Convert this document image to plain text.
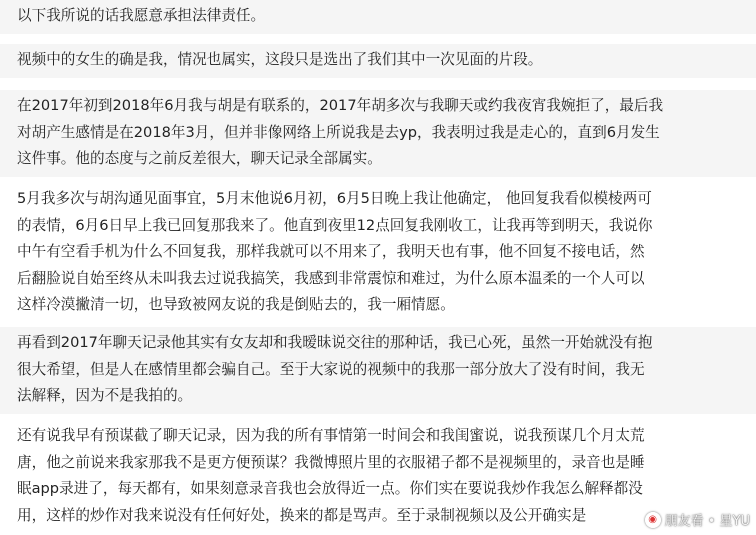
以下我所说的话我愿意承担法律责任。
视频中的女生的确是我，情况也属实，这段只是选出了我们其中一次见面的片段。
在2017年初到2018年6月我与胡是有联系的，2017年胡多次与我聊天或约我夜宵我婉拒了，最后我
对胡产生感情是在2018年3月，但并非像网络上所说我是去yp，我表明过我是走心的，直到6月发生
这件事。他的态度与之前反差很大，聊天记录全部属实。
5月我多次与胡沟通见面事宜，5月末他说6月初，6月5日晚上我让他确定， 他回复我看似模棱两可
的表情，6月6日早上我已回复那我来了。他直到夜里12点回复我刚收工，让我再等到明天，我说你
中午有空看手机为什么不回复我，那样我就可以不用来了，我明天也有事，他不回复不接电话，然
后翻脸说自始至终从未叫我去过说我搞笑，我感到非常震惊和难过，为什么原本温柔的一个人可以
这样冷漠撇清一切，也导致被网友说的我是倒贴去的，我一厢情愿。
再看到2017年聊天记录他其实有女友却和我暧昧说交往的那种话，我已心死，虽然一开始就没有抱
很大希望，但是人在感情里都会骗自己。至于大家说的视频中的我那一部分放大了没有时间，我无
法解释，因为不是我拍的。
还有说我早有预谋截了聊天记录，因为我的所有事情第一时间会和我闺蜜说，说我预谋几个月太荒
唐，他之前说来我家那我不是更方便预谋？我微博照片里的衣服裙子都不是视频里的，录音也是睡
眠app录进了，每天都有，如果刻意录音我也会放得近一点。你们实在要说我炒作我怎么解释都没
用，这样的炒作对我来说没有任何好处，换来的都是骂声。至于录制视频以及公开确实是	◉ 朋友看 • 星YU
